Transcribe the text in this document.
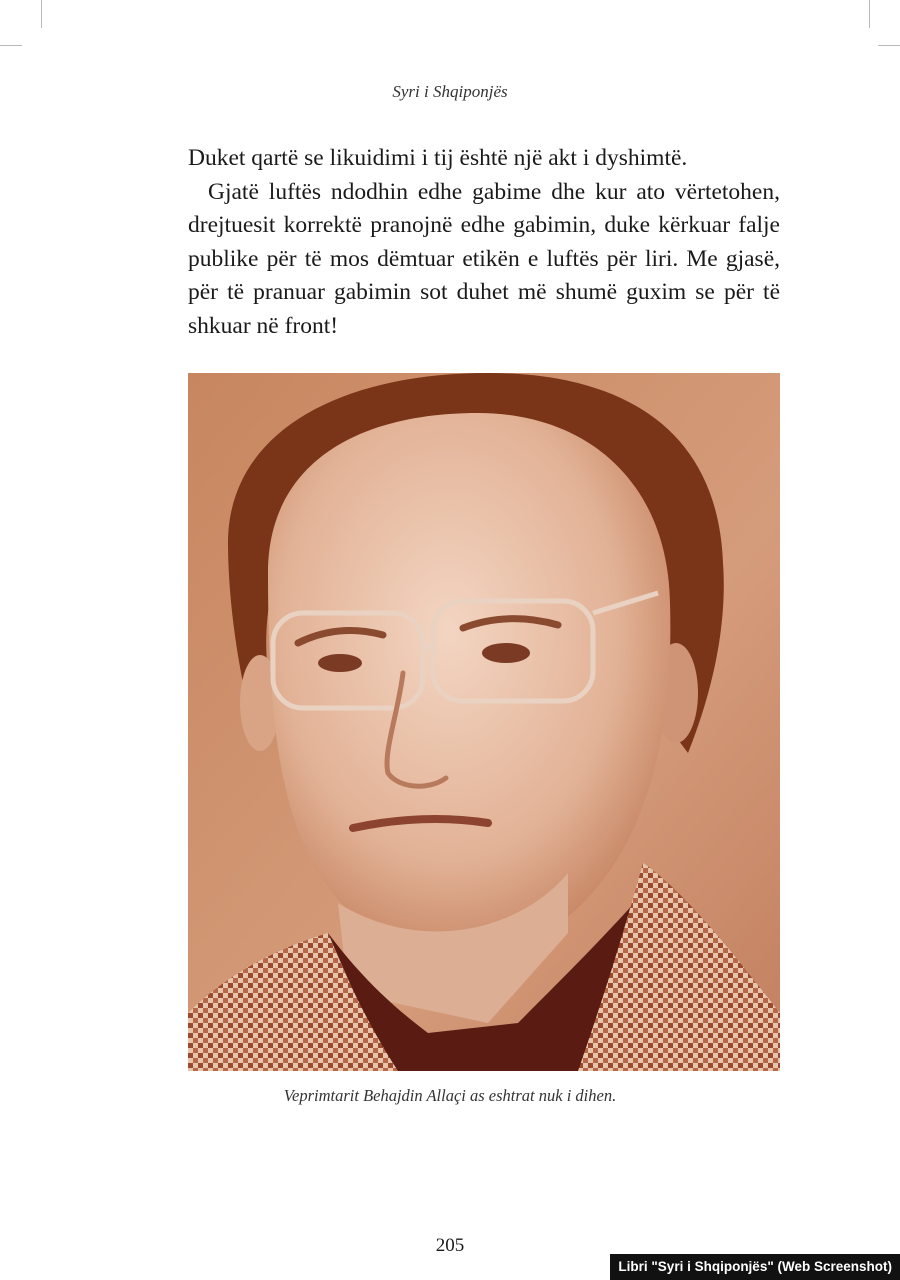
Syri i Shqiponjës

Duket qartë se likuidimi i tij është një akt i dyshimtë.

Gjatë luftës ndodhin edhe gabime dhe kur ato vërtetohen, drejtuesit korrektë pranojnë edhe gabimin, duke kërkuar falje publike për të mos dëmtuar etikën e luftës për liri. Me gjasë, për të pranuar gabimin sot duhet më shumë guxim se për të shkuar në front!

Veprimtarit Behajdin Allaçi as eshtrat nuk i dihen.
205
Libri "Syri i Shqiponjës" (Web Screenshot)
